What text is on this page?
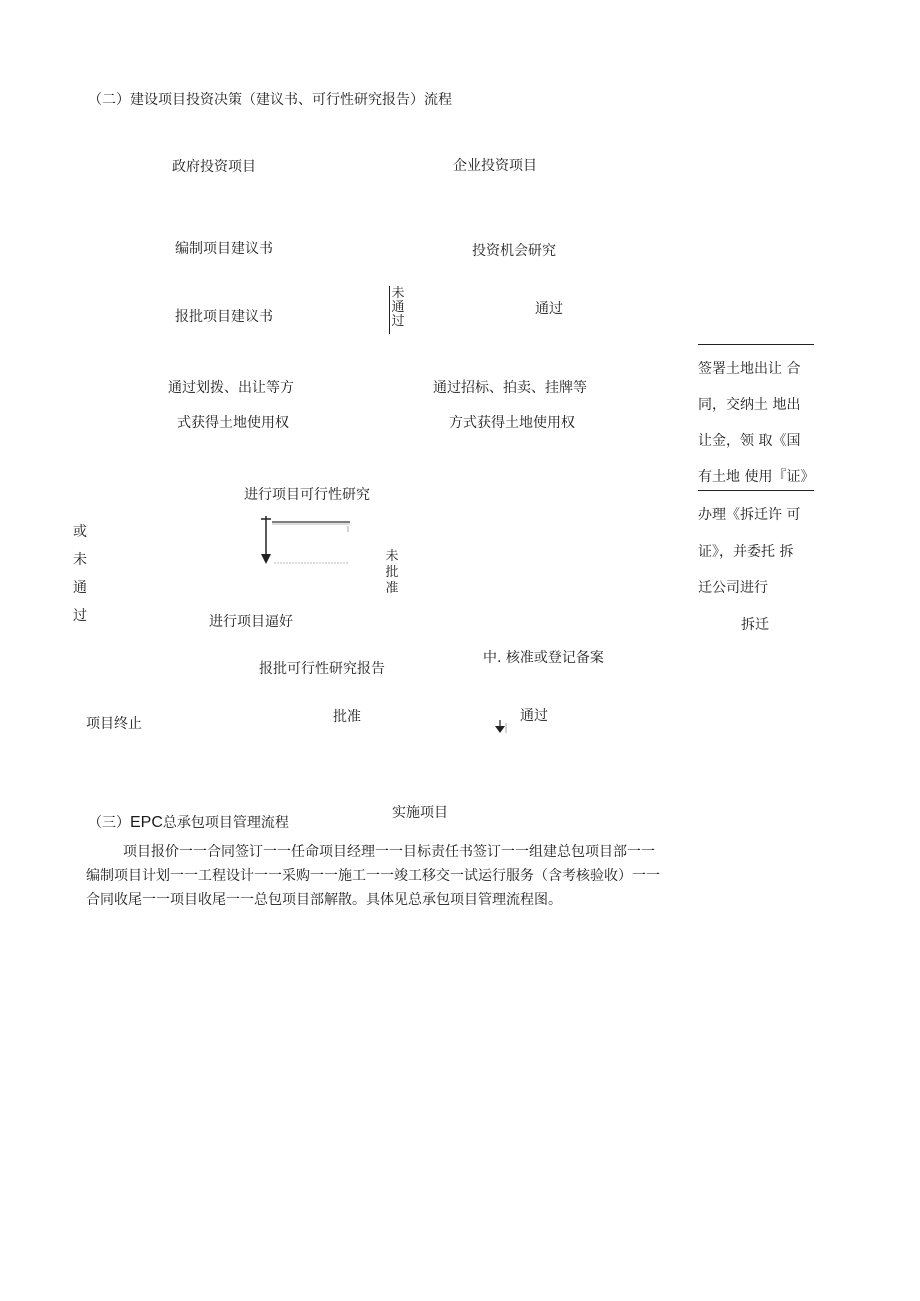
（二）建设项目投资决策（建议书、可行性研究报告）流程
政府投资项目	企业投资项目
编制项目建议书	投资机会研究
报批项目建议书
未通过
通过
通过划拨、出让等方
式获得土地使用权
通过招标、拍卖、挂牌等
方式获得土地使用权
签署土地出让 合
同，交纳土 地出
让金，领 取《国
有土地 使用『证》
办理《拆迁许 可
证》，并委托 拆
迁公司进行
拆迁
进行项目可行性研究
或未通过
未批准
进行项目逼好
报批可行性研究报告
中. 核准或登记备案
项目终止	批准	通过
实施项目
（三）EPC总承包项目管理流程
项目报价一一合同签订一一任命项目经理一一目标责任书签订一一组建总包项目部一一
编制项目计划一一工程设计一一采购一一施工一一竣工移交一试运行服务（含考核验收）一一
合同收尾一一项目收尾一一总包项目部解散。具体见总承包项目管理流程图。
